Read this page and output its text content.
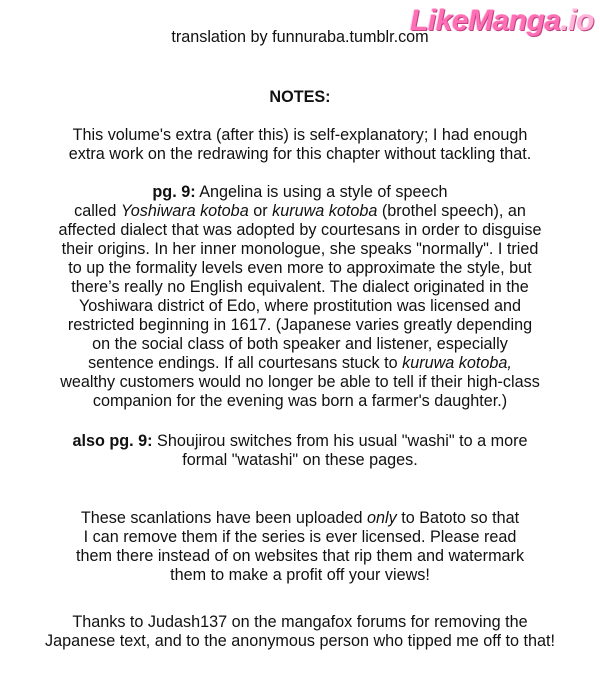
LikeManga.io
translation by funnuraba.tumblr.com
NOTES:
This volume's extra (after this) is self-explanatory; I had enough
extra work on the redrawing for this chapter without tackling that.
pg. 9: Angelina is using a style of speech
called Yoshiwara kotoba or kuruwa kotoba (brothel speech), an
affected dialect that was adopted by courtesans in order to disguise
their origins. In her inner monologue, she speaks "normally". I tried
to up the formality levels even more to approximate the style, but
there’s really no English equivalent. The dialect originated in the
Yoshiwara district of Edo, where prostitution was licensed and
restricted beginning in 1617. (Japanese varies greatly depending
on the social class of both speaker and listener, especially
sentence endings. If all courtesans stuck to kuruwa kotoba,
wealthy customers would no longer be able to tell if their high-class
companion for the evening was born a farmer's daughter.)
also pg. 9: Shoujirou switches from his usual "washi" to a more
formal "watashi" on these pages.
These scanlations have been uploaded only to Batoto so that
I can remove them if the series is ever licensed. Please read
them there instead of on websites that rip them and watermark
them to make a profit off your views!
Thanks to Judash137 on the mangafox forums for removing the
Japanese text, and to the anonymous person who tipped me off to that!
